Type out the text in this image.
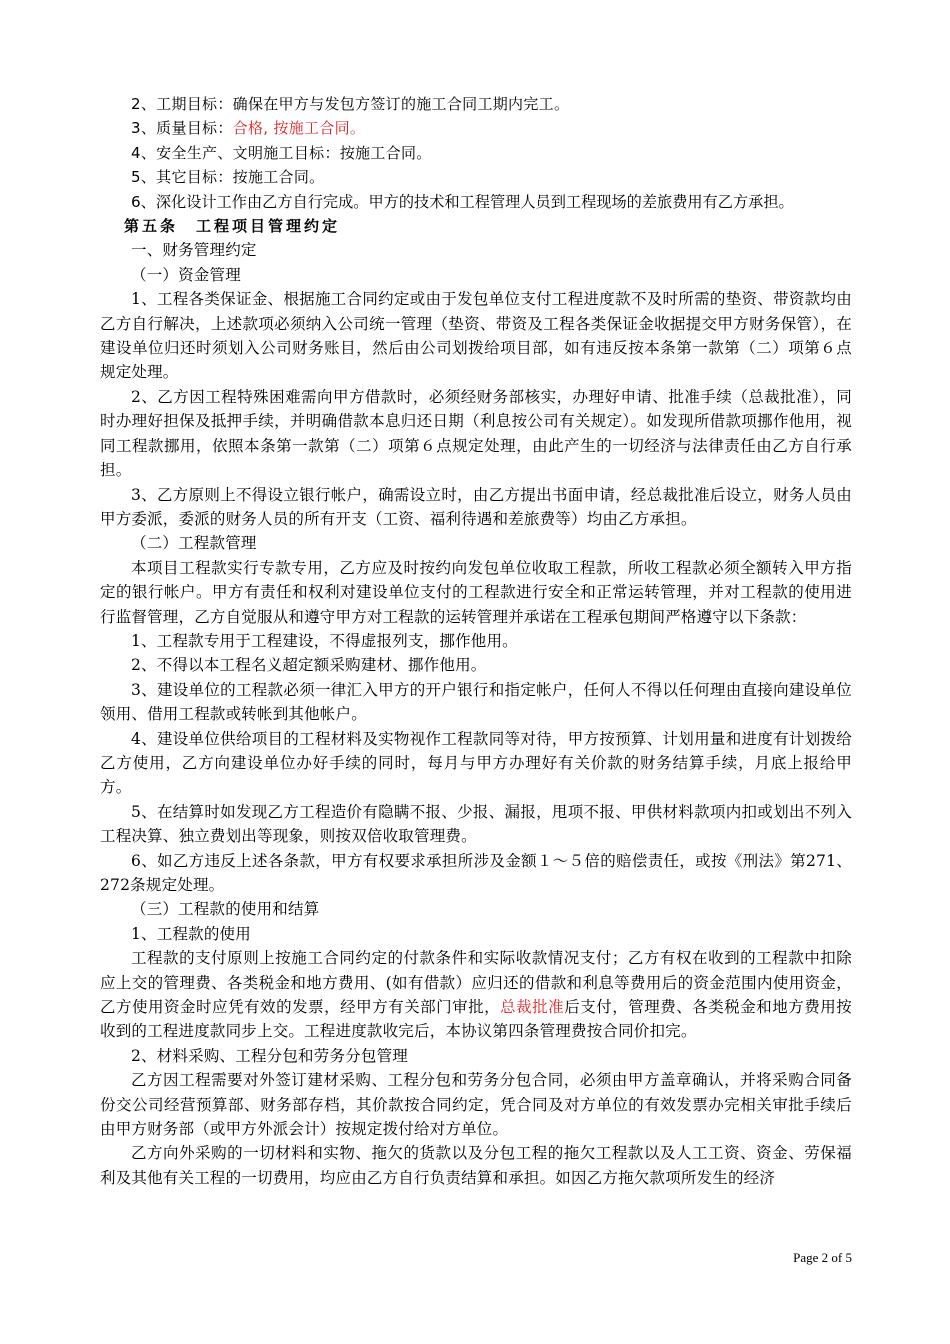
2、工期目标：确保在甲方与发包方签订的施工合同工期内完工。

3、质量目标：合格, 按施工合同。

4、安全生产、文明施工目标：按施工合同。

5、其它目标：按施工合同。

6、深化设计工作由乙方自行完成。甲方的技术和工程管理人员到工程现场的差旅费用有乙方承担。

第五条　工程项目管理约定

一、财务管理约定

（一）资金管理

1、工程各类保证金、根据施工合同约定或由于发包单位支付工程进度款不及时所需的垫资、带资款均由乙方自行解决，上述款项必须纳入公司统一管理（垫资、带资及工程各类保证金收据提交甲方财务保管），在建设单位归还时须划入公司财务账目，然后由公司划拨给项目部，如有违反按本条第一款第（二）项第６点规定处理。

2、乙方因工程特殊困难需向甲方借款时，必须经财务部核实，办理好申请、批准手续（总裁批准），同时办理好担保及抵押手续，并明确借款本息归还日期（利息按公司有关规定）。如发现所借款项挪作他用，视同工程款挪用，依照本条第一款第（二）项第６点规定处理，由此产生的一切经济与法律责任由乙方自行承担。

3、乙方原则上不得设立银行帐户，确需设立时，由乙方提出书面申请，经总裁批准后设立，财务人员由甲方委派，委派的财务人员的所有开支（工资、福利待遇和差旅费等）均由乙方承担。

（二）工程款管理

本项目工程款实行专款专用，乙方应及时按约向发包单位收取工程款，所收工程款必须全额转入甲方指定的银行帐户。甲方有责任和权利对建设单位支付的工程款进行安全和正常运转管理，并对工程款的使用进行监督管理，乙方自觉服从和遵守甲方对工程款的运转管理并承诺在工程承包期间严格遵守以下条款：

1、工程款专用于工程建设，不得虚报列支，挪作他用。

2、不得以本工程名义超定额采购建材、挪作他用。

3、建设单位的工程款必须一律汇入甲方的开户银行和指定帐户，任何人不得以任何理由直接向建设单位领用、借用工程款或转帐到其他帐户。

4、建设单位供给项目的工程材料及实物视作工程款同等对待，甲方按预算、计划用量和进度有计划拨给乙方使用，乙方向建设单位办好手续的同时，每月与甲方办理好有关价款的财务结算手续，月底上报给甲方。

5、在结算时如发现乙方工程造价有隐瞒不报、少报、漏报，甩项不报、甲供材料款项内扣或划出不列入工程决算、独立费划出等现象，则按双倍收取管理费。

6、如乙方违反上述各条款，甲方有权要求承担所涉及金额１～５倍的赔偿责任，或按《刑法》第271、272条规定处理。

（三）工程款的使用和结算

1、工程款的使用

工程款的支付原则上按施工合同约定的付款条件和实际收款情况支付；乙方有权在收到的工程款中扣除应上交的管理费、各类税金和地方费用、(如有借款）应归还的借款和利息等费用后的资金范围内使用资金，乙方使用资金时应凭有效的发票，经甲方有关部门审批，总裁批准后支付，管理费、各类税金和地方费用按收到的工程进度款同步上交。工程进度款收完后，本协议第四条管理费按合同价扣完。

2、材料采购、工程分包和劳务分包管理

乙方因工程需要对外签订建材采购、工程分包和劳务分包合同，必须由甲方盖章确认，并将采购合同备份交公司经营预算部、财务部存档，其价款按合同约定，凭合同及对方单位的有效发票办完相关审批手续后由甲方财务部（或甲方外派会计）按规定拨付给对方单位。

乙方向外采购的一切材料和实物、拖欠的货款以及分包工程的拖欠工程款以及人工工资、资金、劳保福利及其他有关工程的一切费用，均应由乙方自行负责结算和承担。如因乙方拖欠款项所发生的经济

Page 2 of 5
